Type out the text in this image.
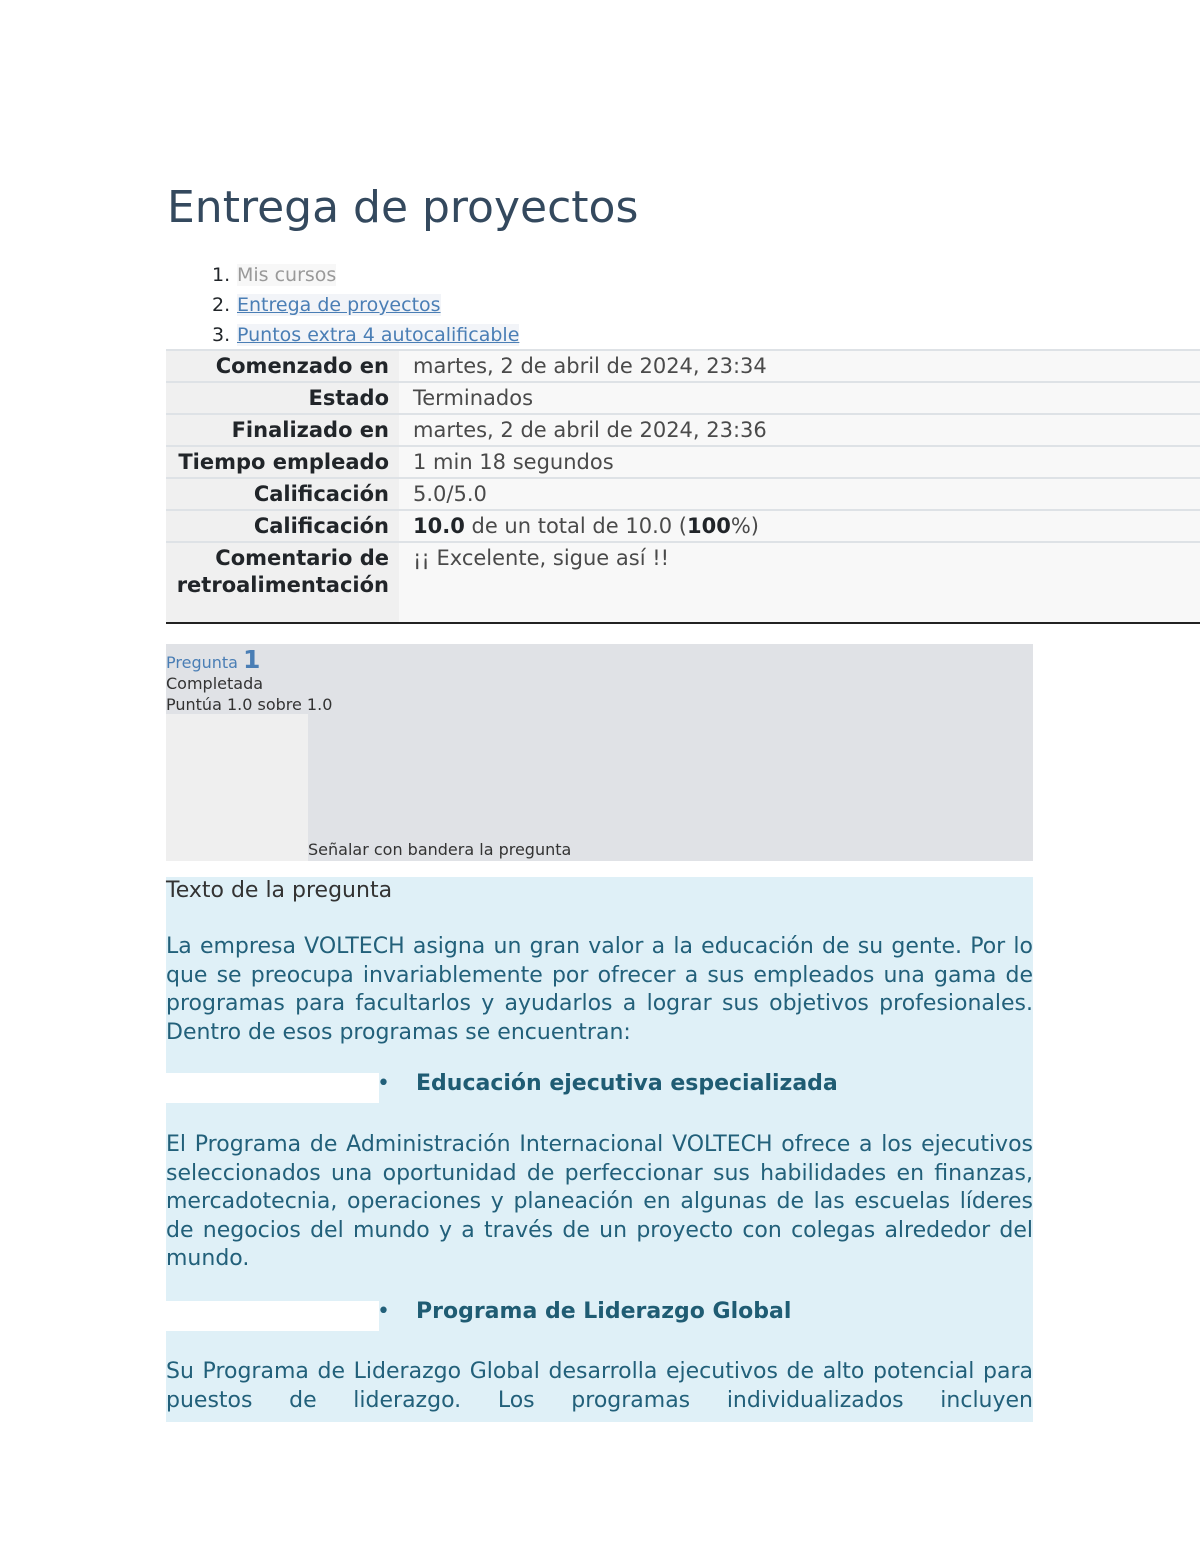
Entrega de proyectos
1. Mis cursos
2. Entrega de proyectos
3. Puntos extra 4 autocalificable
Comenzado en	martes, 2 de abril de 2024, 23:34
Estado	Terminados
Finalizado en	martes, 2 de abril de 2024, 23:36
Tiempo empleado	1 min 18 segundos
Calificación	5.0/5.0
Calificación	10.0 de un total de 10.0 (100%)
Comentario de retroalimentación	¡¡ Excelente, sigue así !!
Pregunta 1
Completada
Puntúa 1.0 sobre 1.0
Señalar con bandera la pregunta
Texto de la pregunta

La empresa VOLTECH asigna un gran valor a la educación de su gente. Por lo que se preocupa invariablemente por ofrecer a sus empleados una gama de programas para facultarlos y ayudarlos a lograr sus objetivos profesionales. Dentro de esos programas se encuentran:

• Educación ejecutiva especializada

El Programa de Administración Internacional VOLTECH ofrece a los ejecutivos seleccionados una oportunidad de perfeccionar sus habilidades en finanzas, mercadotecnia, operaciones y planeación en algunas de las escuelas líderes de negocios del mundo y a través de un proyecto con colegas alrededor del mundo.

• Programa de Liderazgo Global

Su Programa de Liderazgo Global desarrolla ejecutivos de alto potencial para puestos de liderazgo. Los programas individualizados incluyen
